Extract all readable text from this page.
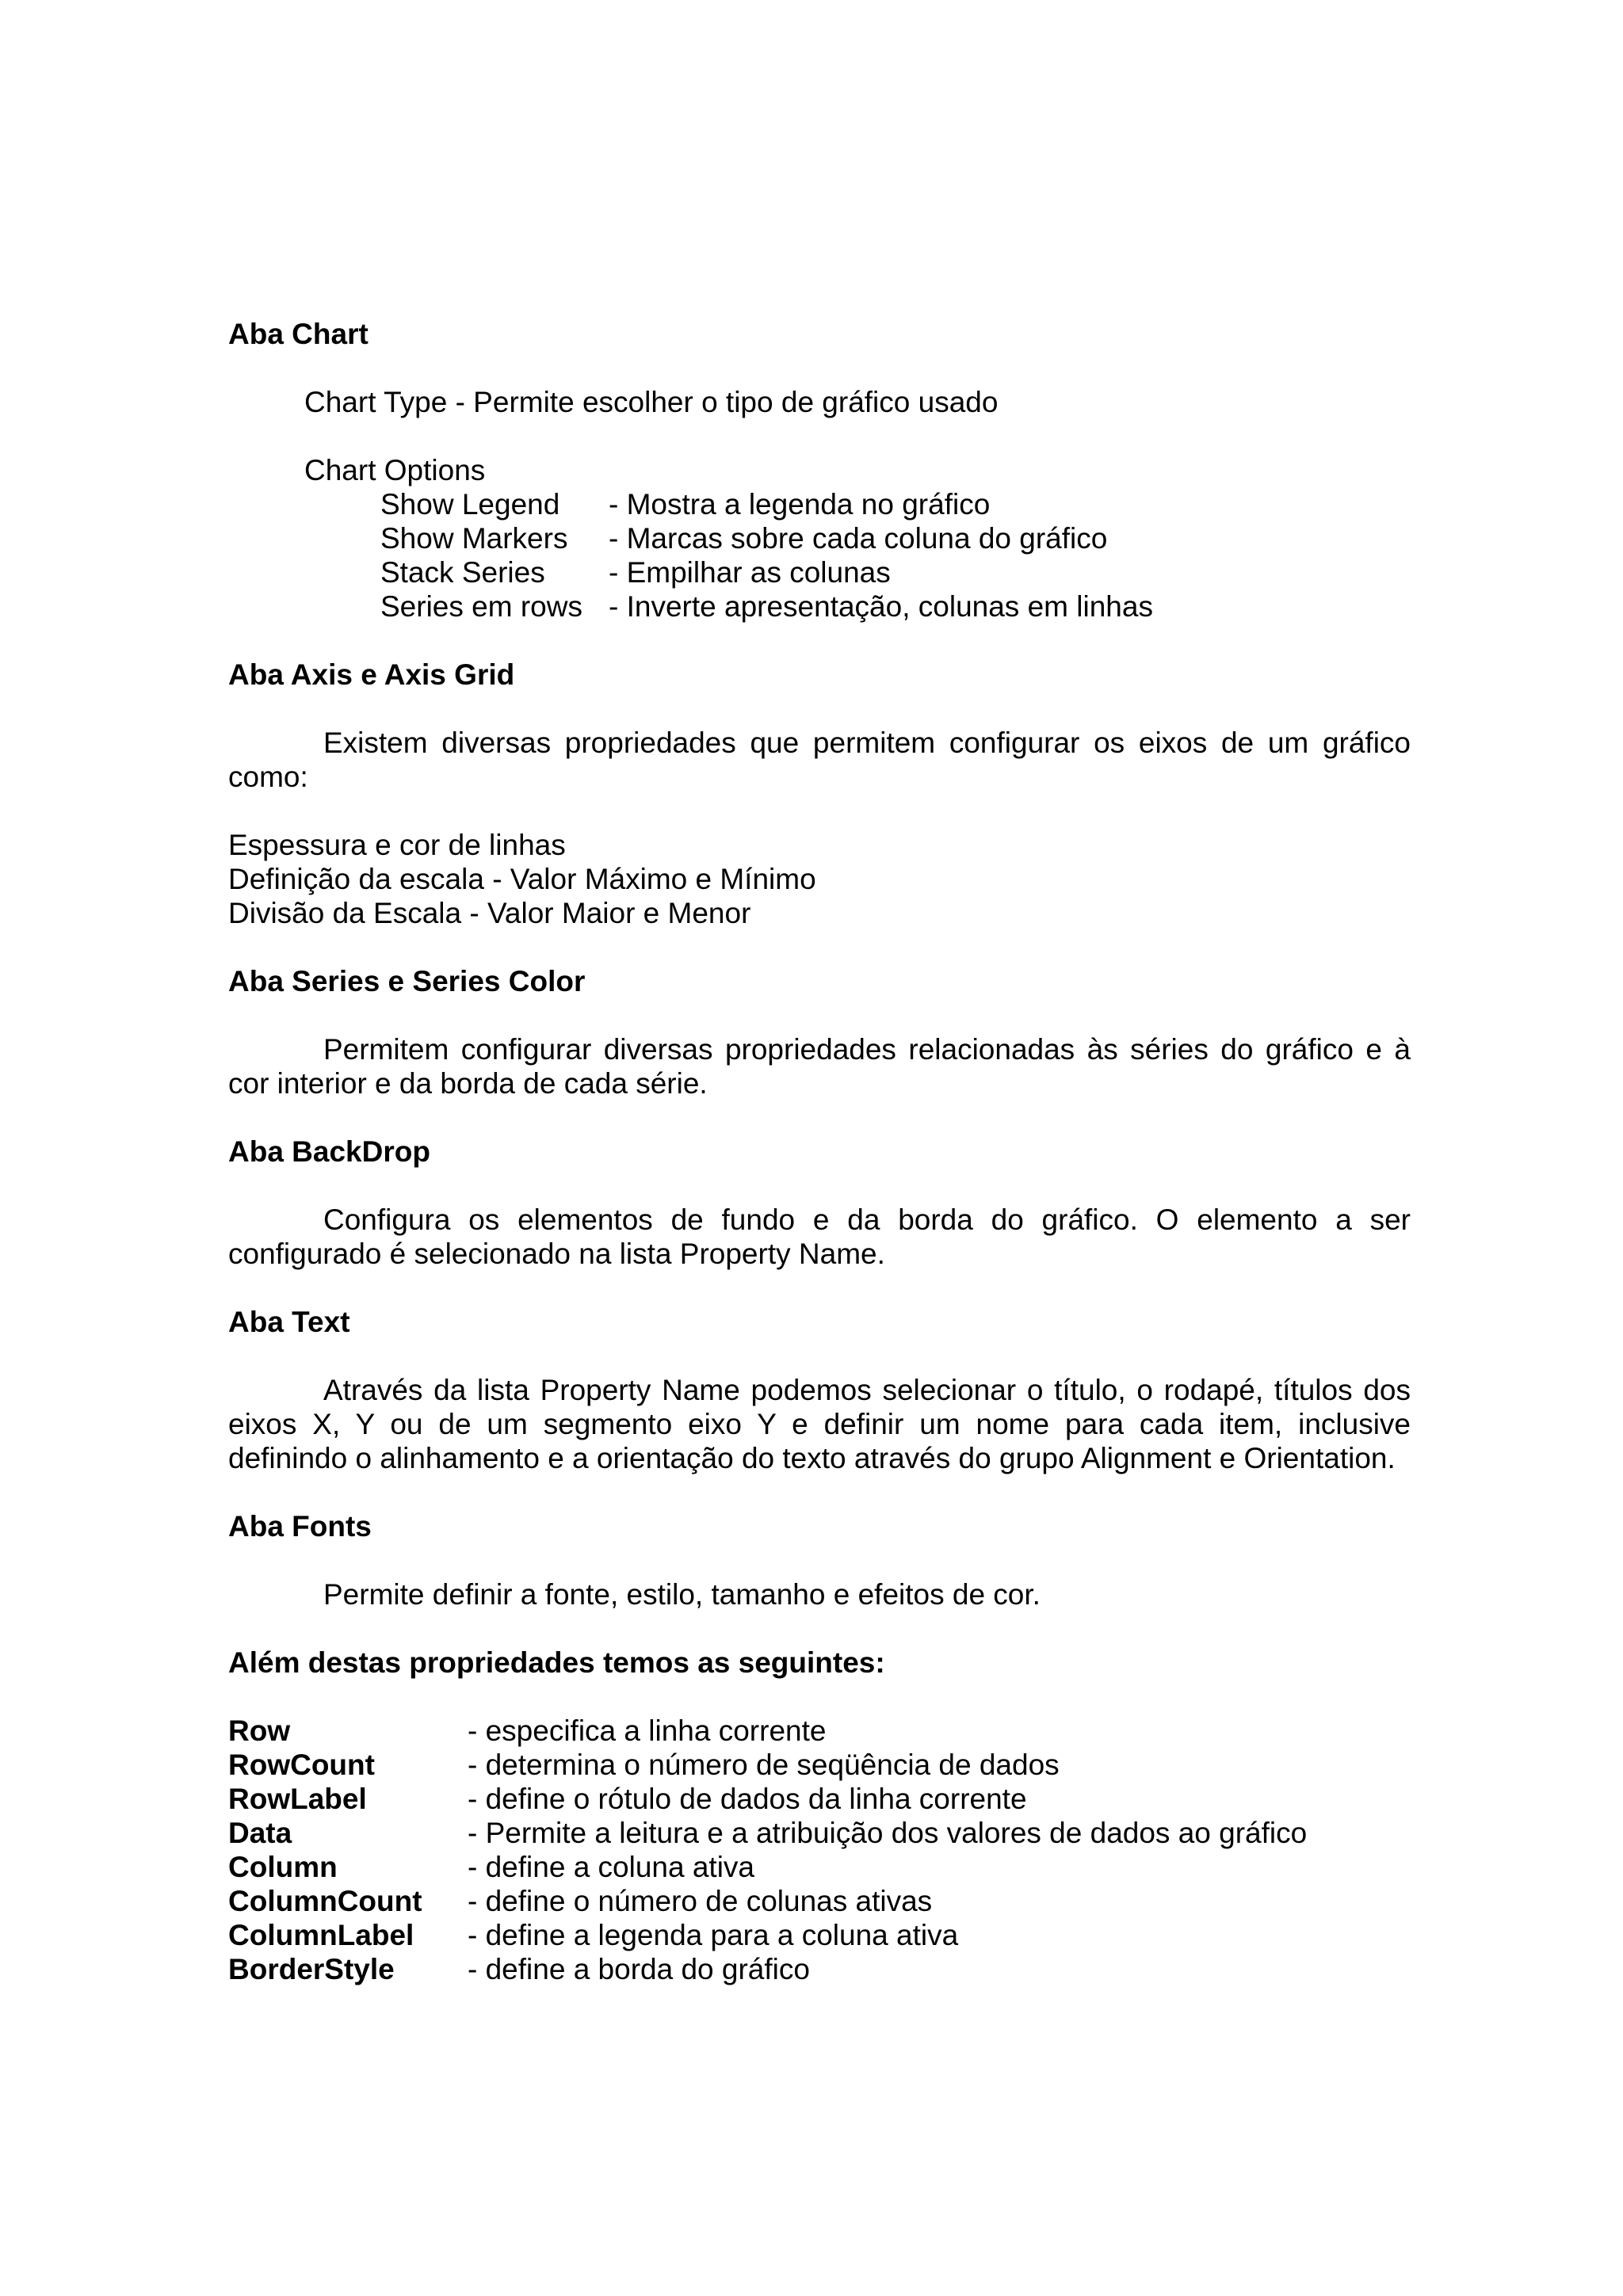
Aba Chart
Chart Type - Permite escolher o tipo de gráfico usado
Chart Options
Show Legend	- Mostra a legenda no gráfico
Show Markers	- Marcas sobre cada coluna do gráfico
Stack Series	- Empilhar as colunas
Series em rows - Inverte apresentação, colunas em linhas
Aba Axis e Axis Grid

Existem diversas propriedades que permitem configurar os eixos de um gráfico como:

Espessura e cor de linhas
Definição da escala - Valor Máximo e Mínimo
Divisão da Escala - Valor Maior e Menor
Aba Series e Series Color

Permitem configurar diversas propriedades relacionadas às séries do gráfico e à cor interior e da borda de cada série.

Aba BackDrop

Configura os elementos de fundo e da borda do gráfico. O elemento a ser configurado é selecionado na lista Property Name.

Aba Text

Através da lista Property Name podemos selecionar o título, o rodapé, títulos dos eixos X, Y ou de um segmento eixo Y e definir um nome para cada item, inclusive definindo o alinhamento e a orientação do texto através do grupo Alignment e Orientation.

Aba Fonts

Permite definir a fonte, estilo, tamanho e efeitos de cor.

Além destas propriedades temos as seguintes:
Row	- especifica a linha corrente
RowCount	- determina o número de seqüência de dados
RowLabel	- define o rótulo de dados da linha corrente
Data	- Permite a leitura e a atribuição dos valores de dados ao gráfico
Column	- define a coluna ativa
ColumnCount	- define o número de colunas ativas
ColumnLabel	- define a legenda para a coluna ativa
BorderStyle	- define a borda do gráfico
